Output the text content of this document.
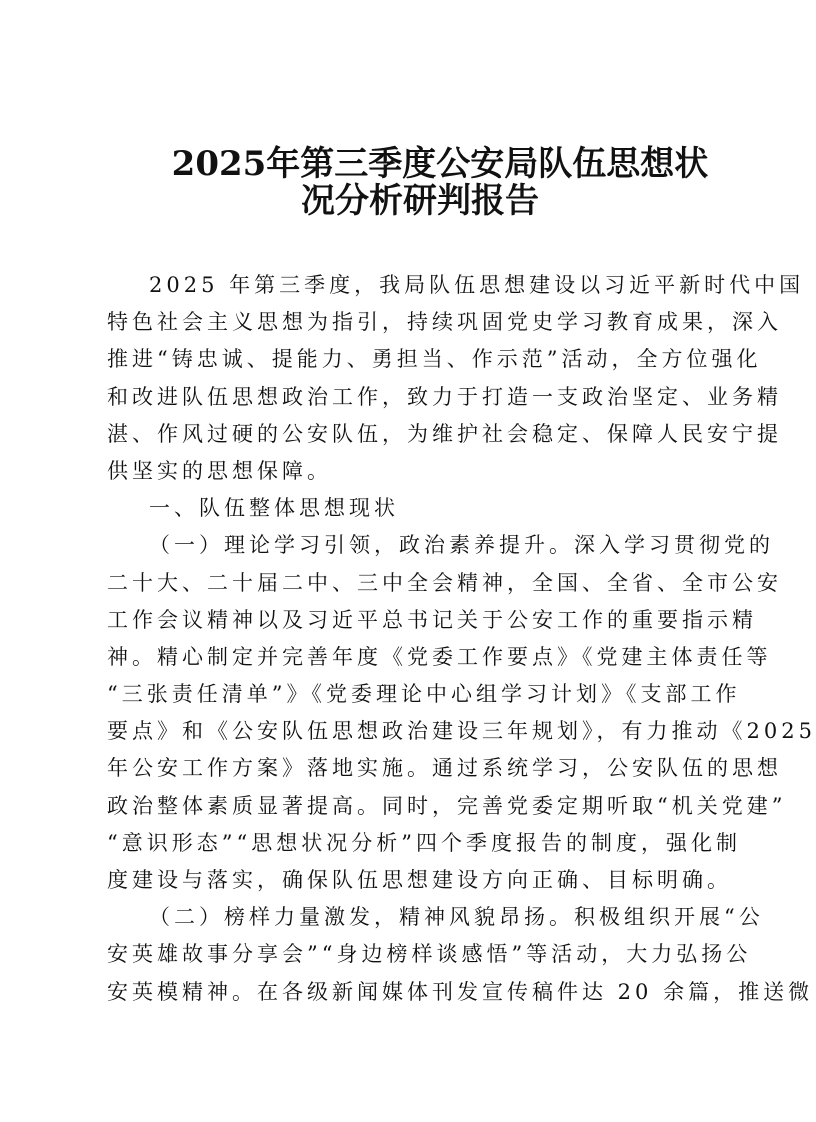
2025年第三季度公安局队伍思想状
况分析研判报告
2025 年第三季度，我局队伍思想建设以习近平新时代中国
特色社会主义思想为指引，持续巩固党史学习教育成果，深入
推进“铸忠诚、提能力、勇担当、作示范”活动，全方位强化
和改进队伍思想政治工作，致力于打造一支政治坚定、业务精
湛、作风过硬的公安队伍，为维护社会稳定、保障人民安宁提
供坚实的思想保障。
一、队伍整体思想现状
（一）理论学习引领，政治素养提升。深入学习贯彻党的
二十大、二十届二中、三中全会精神，全国、全省、全市公安
工作会议精神以及习近平总书记关于公安工作的重要指示精
神。精心制定并完善年度《党委工作要点》《党建主体责任等
“三张责任清单”》《党委理论中心组学习计划》《支部工作
要点》和《公安队伍思想政治建设三年规划》，有力推动《2025
年公安工作方案》落地实施。通过系统学习，公安队伍的思想
政治整体素质显著提高。同时，完善党委定期听取“机关党建”
“意识形态”“思想状况分析”四个季度报告的制度，强化制
度建设与落实，确保队伍思想建设方向正确、目标明确。
（二）榜样力量激发，精神风貌昂扬。积极组织开展“公
安英雄故事分享会”“身边榜样谈感悟”等活动，大力弘扬公
安英模精神。在各级新闻媒体刊发宣传稿件达 20 余篇，推送微
